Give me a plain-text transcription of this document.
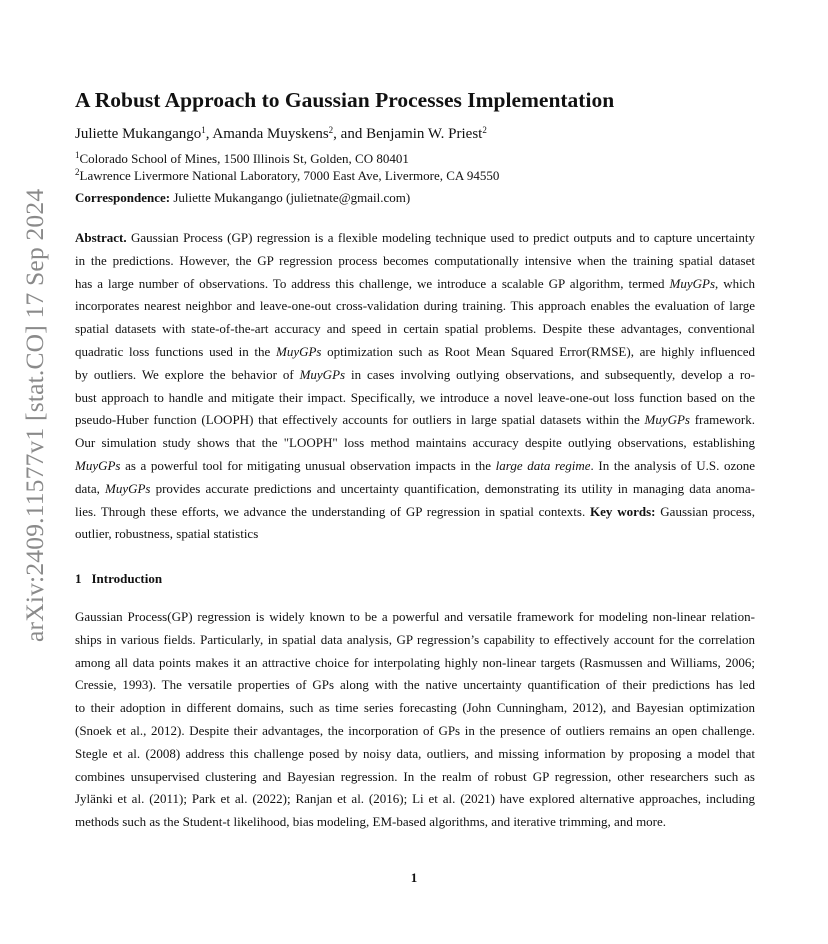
arXiv:2409.11577v1 [stat.CO] 17 Sep 2024
A Robust Approach to Gaussian Processes Implementation
Juliette Mukangango$^1$, Amanda Muyskens$^2$, and Benjamin W. Priest$^2$
$^1$Colorado School of Mines, 1500 Illinois St, Golden, CO 80401
$^2$Lawrence Livermore National Laboratory, 7000 East Ave, Livermore, CA 94550
Correspondence: Juliette Mukangango (julietnate@gmail.com)
Abstract. Gaussian Process (GP) regression is a flexible modeling technique used to predict outputs and to capture uncertainty
in the predictions. However, the GP regression process becomes computationally intensive when the training spatial dataset
has a large number of observations. To address this challenge, we introduce a scalable GP algorithm, termed MuyGPs, which
incorporates nearest neighbor and leave-one-out cross-validation during training. This approach enables the evaluation of large
spatial datasets with state-of-the-art accuracy and speed in certain spatial problems. Despite these advantages, conventional
quadratic loss functions used in the MuyGPs optimization such as Root Mean Squared Error(RMSE), are highly influenced
by outliers. We explore the behavior of MuyGPs in cases involving outlying observations, and subsequently, develop a ro-
bust approach to handle and mitigate their impact. Specifically, we introduce a novel leave-one-out loss function based on the
pseudo-Huber function (LOOPH) that effectively accounts for outliers in large spatial datasets within the MuyGPs framework.
Our simulation study shows that the "LOOPH" loss method maintains accuracy despite outlying observations, establishing
MuyGPs as a powerful tool for mitigating unusual observation impacts in the large data regime. In the analysis of U.S. ozone
data, MuyGPs provides accurate predictions and uncertainty quantification, demonstrating its utility in managing data anoma-
lies. Through these efforts, we advance the understanding of GP regression in spatial contexts. Key words: Gaussian process,
outlier, robustness, spatial statistics
1 Introduction
Gaussian Process(GP) regression is widely known to be a powerful and versatile framework for modeling non-linear relation-
ships in various fields. Particularly, in spatial data analysis, GP regression’s capability to effectively account for the correlation
among all data points makes it an attractive choice for interpolating highly non-linear targets (Rasmussen and Williams, 2006;
Cressie, 1993). The versatile properties of GPs along with the native uncertainty quantification of their predictions has led
to their adoption in different domains, such as time series forecasting (John Cunningham, 2012), and Bayesian optimization
(Snoek et al., 2012). Despite their advantages, the incorporation of GPs in the presence of outliers remains an open challenge.
Stegle et al. (2008) address this challenge posed by noisy data, outliers, and missing information by proposing a model that
combines unsupervised clustering and Bayesian regression. In the realm of robust GP regression, other researchers such as
Jylänki et al. (2011); Park et al. (2022); Ranjan et al. (2016); Li et al. (2021) have explored alternative approaches, including
methods such as the Student-t likelihood, bias modeling, EM-based algorithms, and iterative trimming, and more.
1
